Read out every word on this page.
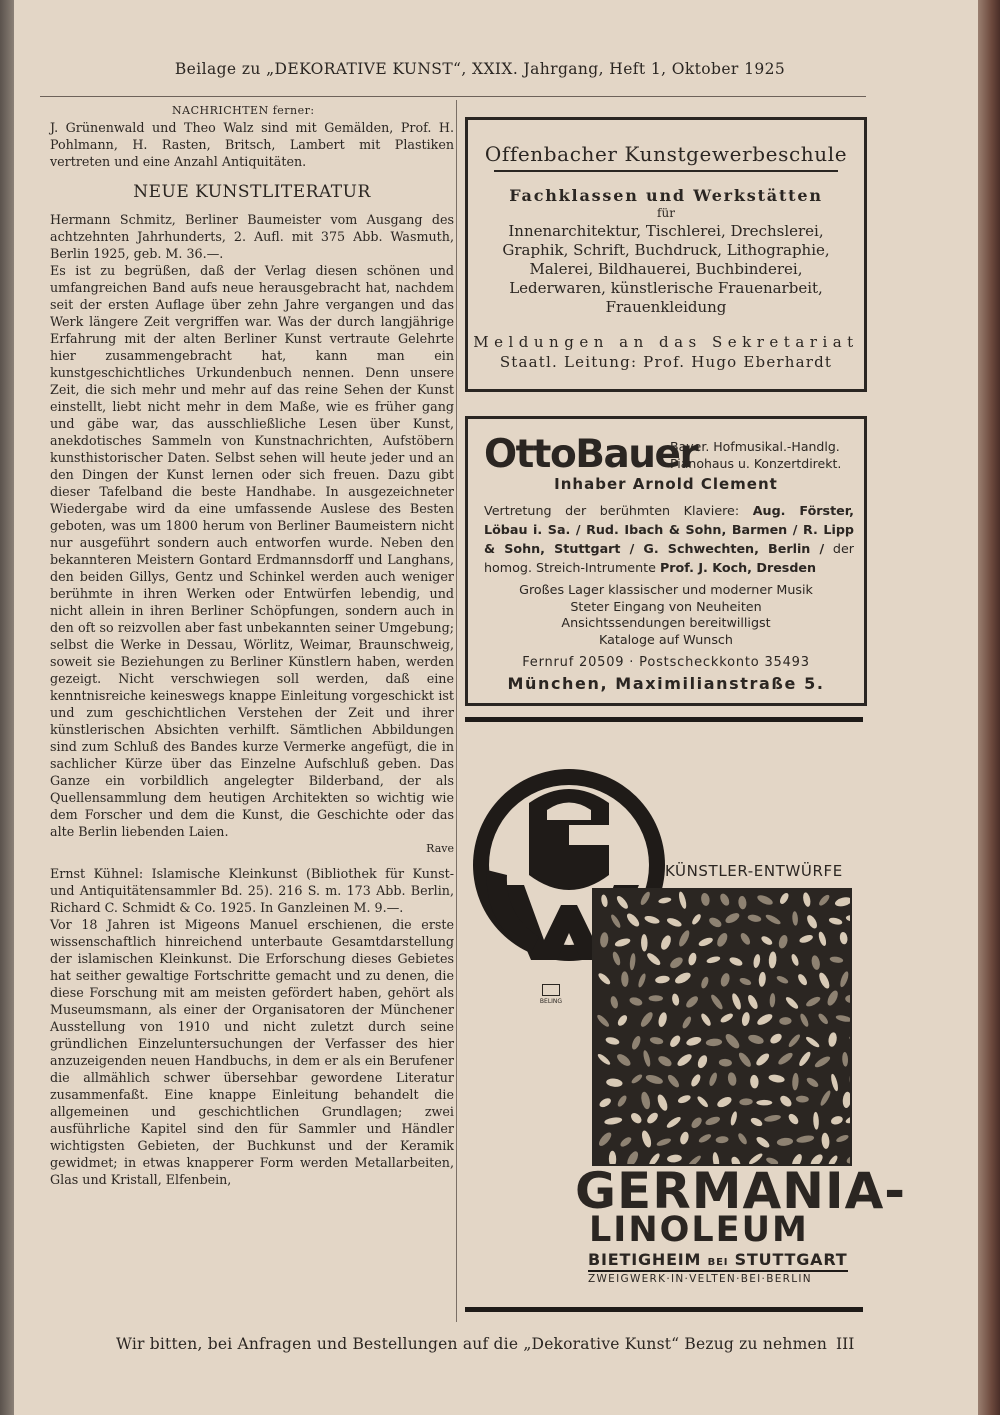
Beilage zu „DEKORATIVE KUNST“, XXIX. Jahrgang, Heft 1, Oktober 1925

NACHRICHTEN ferner:

J. Grünenwald und Theo Walz sind mit Gemälden, Prof. H. Pohlmann, H. Rasten, Britsch, Lambert mit Plastiken vertreten und eine Anzahl Antiquitäten.

NEUE KUNSTLITERATUR

Hermann Schmitz, Berliner Baumeister vom Ausgang des achtzehnten Jahrhunderts, 2. Aufl. mit 375 Abb. Wasmuth, Berlin 1925, geb. M. 36.—.

Es ist zu begrüßen, daß der Verlag diesen schönen und umfangreichen Band aufs neue herausgebracht hat, nachdem seit der ersten Auflage über zehn Jahre vergangen und das Werk längere Zeit vergriffen war. Was der durch langjährige Erfahrung mit der alten Berliner Kunst vertraute Gelehrte hier zusammengebracht hat, kann man ein kunstgeschichtliches Urkundenbuch nennen. Denn unsere Zeit, die sich mehr und mehr auf das reine Sehen der Kunst einstellt, liebt nicht mehr in dem Maße, wie es früher gang und gäbe war, das ausschließliche Lesen über Kunst, anekdotisches Sammeln von Kunstnachrichten, Aufstöbern kunsthistorischer Daten. Selbst sehen will heute jeder und an den Dingen der Kunst lernen oder sich freuen. Dazu gibt dieser Tafelband die beste Handhabe. In ausgezeichneter Wiedergabe wird da eine umfassende Auslese des Besten geboten, was um 1800 herum von Berliner Baumeistern nicht nur ausgeführt sondern auch entworfen wurde. Neben den bekannteren Meistern Gontard Erdmannsdorff und Langhans, den beiden Gillys, Gentz und Schinkel werden auch weniger berühmte in ihren Werken oder Entwürfen lebendig, und nicht allein in ihren Berliner Schöpfungen, sondern auch in den oft so reizvollen aber fast unbekannten seiner Umgebung; selbst die Werke in Dessau, Wörlitz, Weimar, Braunschweig, soweit sie Beziehungen zu Berliner Künstlern haben, werden gezeigt. Nicht verschwiegen soll werden, daß eine kenntnisreiche keineswegs knappe Einleitung vorgeschickt ist und zum geschichtlichen Verstehen der Zeit und ihrer künstlerischen Absichten verhilft. Sämtlichen Abbildungen sind zum Schluß des Bandes kurze Vermerke angefügt, die in sachlicher Kürze über das Einzelne Aufschluß geben. Das Ganze ein vorbildlich angelegter Bilderband, der als Quellensammlung dem heutigen Architekten so wichtig wie dem Forscher und dem die Kunst, die Geschichte oder das alte Berlin liebenden Laien.

Rave

Ernst Kühnel: Islamische Kleinkunst (Bibliothek für Kunst- und Antiquitätensammler Bd. 25). 216 S. m. 173 Abb. Berlin, Richard C. Schmidt & Co. 1925. In Ganzleinen M. 9.—.

Vor 18 Jahren ist Migeons Manuel erschienen, die erste wissenschaftlich hinreichend unterbaute Gesamtdarstellung der islamischen Kleinkunst. Die Erforschung dieses Gebietes hat seither gewaltige Fortschritte gemacht und zu denen, die diese Forschung mit am meisten gefördert haben, gehört als Museumsmann, als einer der Organisatoren der Münchener Ausstellung von 1910 und nicht zuletzt durch seine gründlichen Einzeluntersuchungen der Verfasser des hier anzuzeigenden neuen Handbuchs, in dem er als ein Berufener die allmählich schwer übersehbar gewordene Literatur zusammenfaßt. Eine knappe Einleitung behandelt die allgemeinen und geschichtlichen Grundlagen; zwei ausführliche Kapitel sind den für Sammler und Händler wichtigsten Gebieten, der Buchkunst und der Keramik gewidmet; in etwas knapperer Form werden Metallarbeiten, Glas und Kristall, Elfenbein,

Offenbacher Kunstgewerbeschule
Fachklassen und Werkstätten
für
Innenarchitektur, Tischlerei, Drechslerei,
Graphik, Schrift, Buchdruck, Lithographie,
Malerei, Bildhauerei, Buchbinderei,
Lederwaren, künstlerische Frauenarbeit,
Frauenkleidung
Meldungen an das Sekretariat
Staatl. Leitung: Prof. Hugo Eberhardt
OttoBauer
Bayer. Hofmusikal.-Handlg.
Pianohaus u. Konzertdirekt.
Inhaber Arnold Clement
Vertretung der berühmten Klaviere: Aug. Förster, Löbau i. Sa. / Rud. Ibach & Sohn, Barmen / R. Lipp & Sohn, Stuttgart / G. Schwechten, Berlin / der homog. Streich-Intrumente Prof. J. Koch, Dresden
Großes Lager klassischer und moderner Musik
Steter Eingang von Neuheiten
Ansichtssendungen bereitwilligst
Kataloge auf Wunsch
Fernruf 20509 · Postscheckkonto 35493
München, Maximilianstraße 5.
KÜNSTLER-ENTWÜRFE
BELING
GERMANIA-
LINOLEUM
BIETIGHEIM BEI STUTTGART
ZWEIGWERK·IN·VELTEN·BEI·BERLIN
Wir bitten, bei Anfragen und Bestellungen auf die „Dekorative Kunst“ Bezug zu nehmen III
